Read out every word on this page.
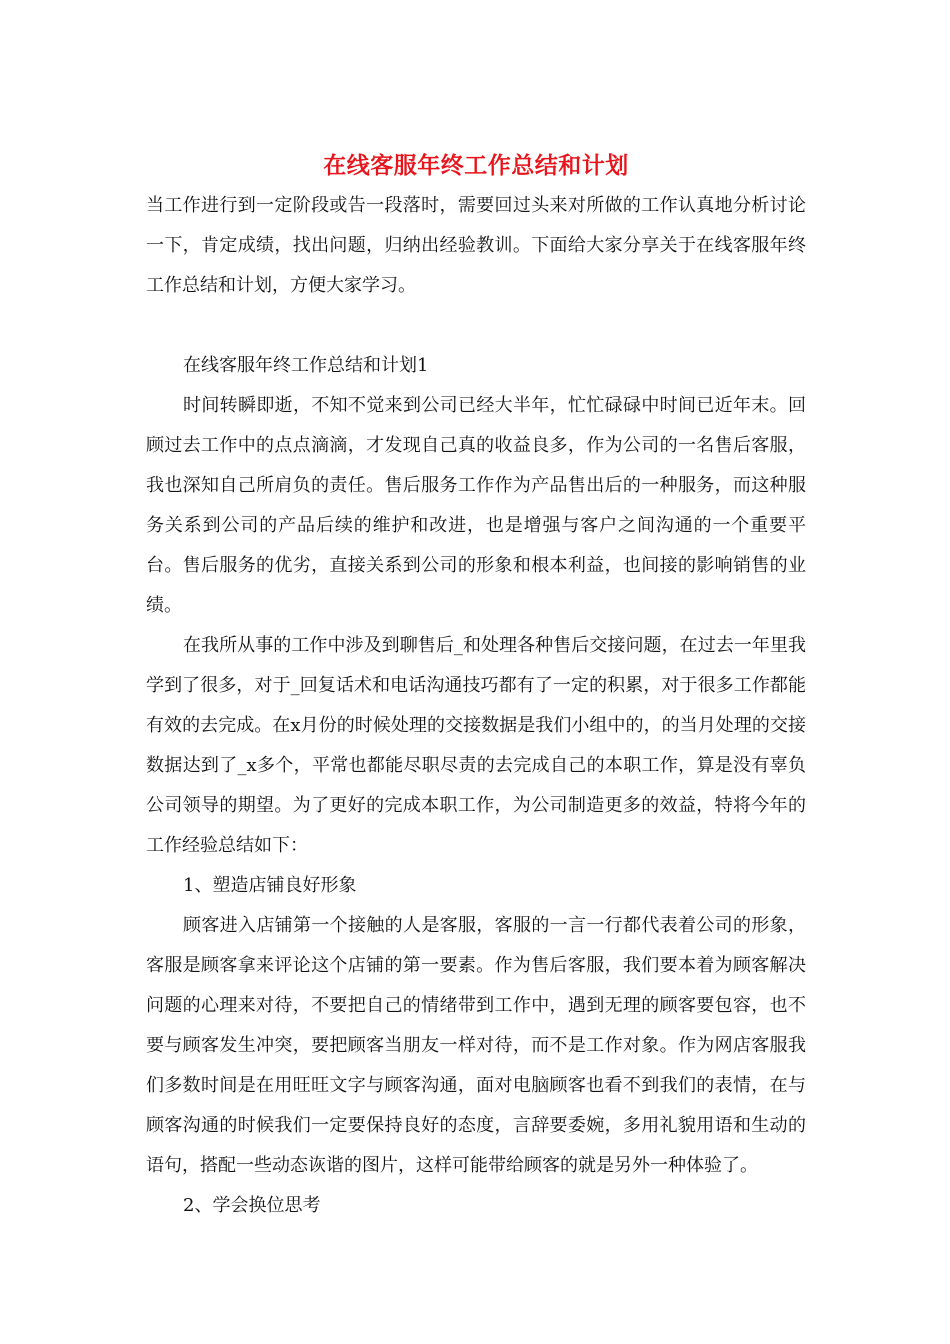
在线客服年终工作总结和计划

当工作进行到一定阶段或告一段落时，需要回过头来对所做的工作认真地分析讨论一下，肯定成绩，找出问题，归纳出经验教训。下面给大家分享关于在线客服年终工作总结和计划，方便大家学习。

在线客服年终工作总结和计划1

时间转瞬即逝，不知不觉来到公司已经大半年，忙忙碌碌中时间已近年末。回顾过去工作中的点点滴滴，才发现自己真的收益良多，作为公司的一名售后客服，我也深知自己所肩负的责任。售后服务工作作为产品售出后的一种服务，而这种服务关系到公司的产品后续的维护和改进，也是增强与客户之间沟通的一个重要平台。售后服务的优劣，直接关系到公司的形象和根本利益，也间接的影响销售的业绩。

在我所从事的工作中涉及到聊售后_和处理各种售后交接问题，在过去一年里我学到了很多，对于_回复话术和电话沟通技巧都有了一定的积累，对于很多工作都能有效的去完成。在x月份的时候处理的交接数据是我们小组中的，的当月处理的交接数据达到了_x多个，平常也都能尽职尽责的去完成自己的本职工作，算是没有辜负公司领导的期望。为了更好的完成本职工作，为公司制造更多的效益，特将今年的工作经验总结如下：

1、塑造店铺良好形象

顾客进入店铺第一个接触的人是客服，客服的一言一行都代表着公司的形象，客服是顾客拿来评论这个店铺的第一要素。作为售后客服，我们要本着为顾客解决问题的心理来对待，不要把自己的情绪带到工作中，遇到无理的顾客要包容，也不要与顾客发生冲突，要把顾客当朋友一样对待，而不是工作对象。作为网店客服我们多数时间是在用旺旺文字与顾客沟通，面对电脑顾客也看不到我们的表情，在与顾客沟通的时候我们一定要保持良好的态度，言辞要委婉，多用礼貌用语和生动的语句，搭配一些动态诙谐的图片，这样可能带给顾客的就是另外一种体验了。

2、学会换位思考
